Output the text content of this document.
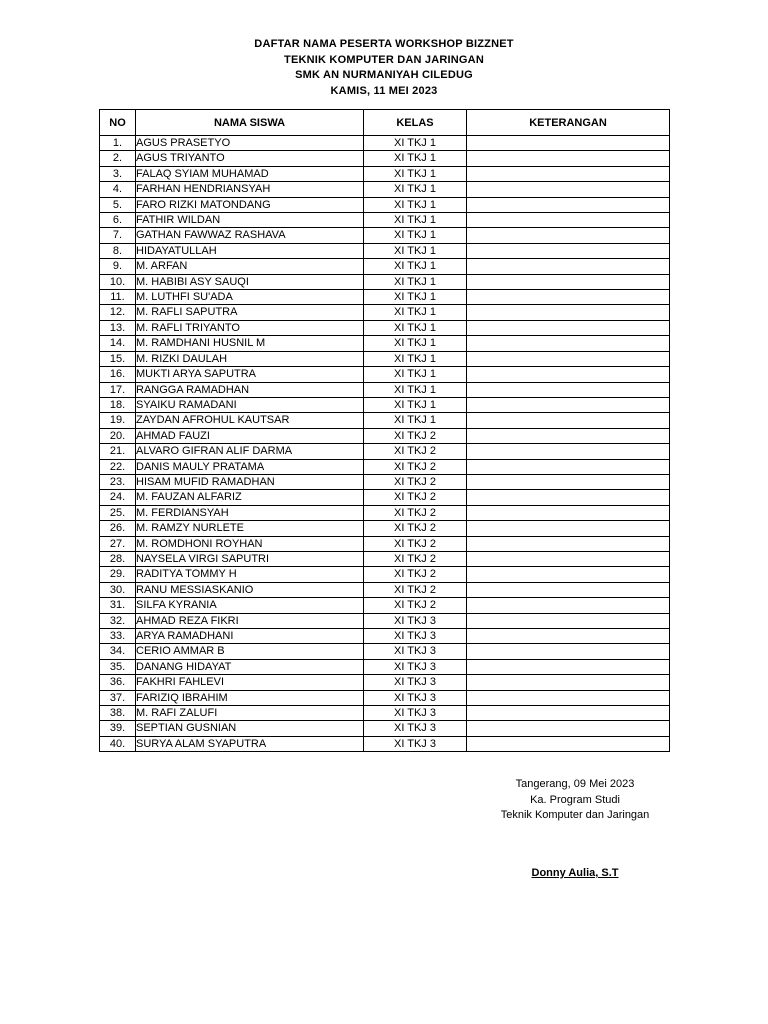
DAFTAR NAMA PESERTA WORKSHOP BIZZNET
TEKNIK KOMPUTER DAN JARINGAN
SMK AN NURMANIYAH CILEDUG
KAMIS, 11 MEI 2023
NO	NAMA SISWA	KELAS	KETERANGAN
1.	AGUS PRASETYO	XI TKJ 1	
2.	AGUS TRIYANTO	XI TKJ 1	
3.	FALAQ SYIAM MUHAMAD	XI TKJ 1	
4.	FARHAN HENDRIANSYAH	XI TKJ 1	
5.	FARO RIZKI MATONDANG	XI TKJ 1	
6.	FATHIR WILDAN	XI TKJ 1	
7.	GATHAN FAWWAZ RASHAVA	XI TKJ 1	
8.	HIDAYATULLAH	XI TKJ 1	
9.	M. ARFAN	XI TKJ 1	
10.	M. HABIBI ASY SAUQI	XI TKJ 1	
11.	M. LUTHFI SU'ADA	XI TKJ 1	
12.	M. RAFLI SAPUTRA	XI TKJ 1	
13.	M. RAFLI TRIYANTO	XI TKJ 1	
14.	M. RAMDHANI HUSNIL M	XI TKJ 1	
15.	M. RIZKI DAULAH	XI TKJ 1	
16.	MUKTI ARYA SAPUTRA	XI TKJ 1	
17.	RANGGA RAMADHAN	XI TKJ 1	
18.	SYAIKU RAMADANI	XI TKJ 1	
19.	ZAYDAN AFROHUL KAUTSAR	XI TKJ 1	
20.	AHMAD FAUZI	XI TKJ 2	
21.	ALVARO GIFRAN ALIF DARMA	XI TKJ 2	
22.	DANIS MAULY PRATAMA	XI TKJ 2	
23.	HISAM MUFID RAMADHAN	XI TKJ 2	
24.	M. FAUZAN ALFARIZ	XI TKJ 2	
25.	M. FERDIANSYAH	XI TKJ 2	
26.	M. RAMZY NURLETE	XI TKJ 2	
27.	M. ROMDHONI ROYHAN	XI TKJ 2	
28.	NAYSELA VIRGI SAPUTRI	XI TKJ 2	
29.	RADITYA TOMMY H	XI TKJ 2	
30.	RANU MESSIASKANIO	XI TKJ 2	
31.	SILFA KYRANIA	XI TKJ 2	
32.	AHMAD REZA FIKRI	XI TKJ 3	
33.	ARYA RAMADHANI	XI TKJ 3	
34.	CERIO AMMAR B	XI TKJ 3	
35.	DANANG HIDAYAT	XI TKJ 3	
36.	FAKHRI FAHLEVI	XI TKJ 3	
37.	FARIZIQ IBRAHIM	XI TKJ 3	
38.	M. RAFI ZALUFI	XI TKJ 3	
39.	SEPTIAN GUSNIAN	XI TKJ 3	
40.	SURYA ALAM SYAPUTRA	XI TKJ 3	
Tangerang, 09 Mei 2023
Ka. Program Studi
Teknik Komputer dan Jaringan
Donny Aulia, S.T
